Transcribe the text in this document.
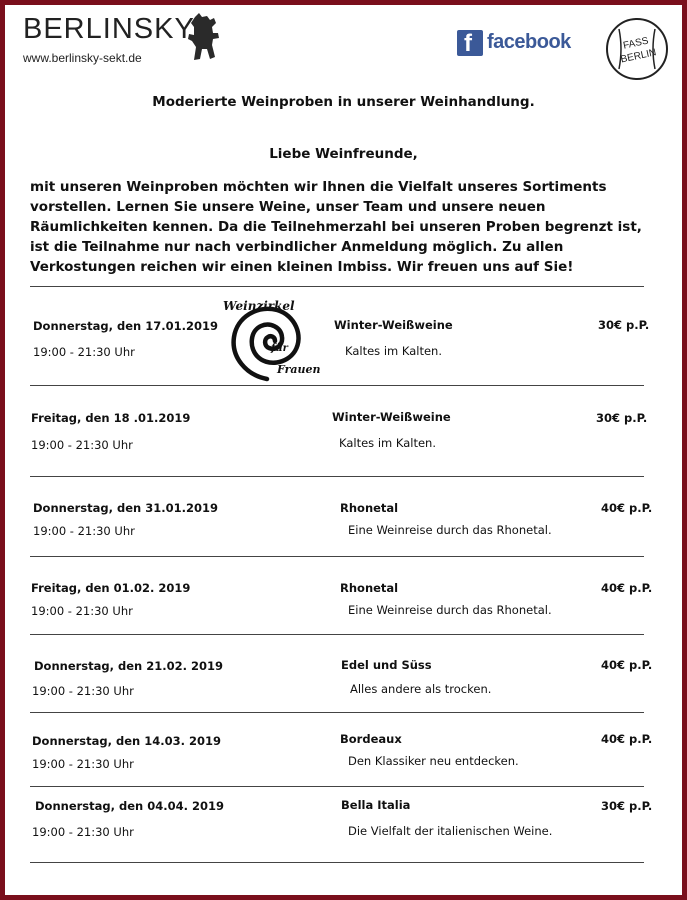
BERLINSKY
www.berlinsky-sekt.de
f facebook	FASS
BERLIN
Moderierte Weinproben in unserer Weinhandlung.
Liebe Weinfreunde,
mit unseren Weinproben möchten wir Ihnen die Vielfalt unseres Sortiments vorstellen. Lernen Sie unsere Weine, unser Team und unsere neuen Räumlichkeiten kennen. Da die Teilnehmerzahl bei unseren Proben begrenzt ist, ist die Teilnahme nur nach verbindlicher Anmeldung möglich. Zu allen Verkostungen reichen wir einen kleinen Imbiss. Wir freuen uns auf Sie!
Weinzirkel
für
Frauen
Donnerstag, den 17.01.2019
19:00 - 21:30 Uhr
Winter-Weißweine
Kaltes im Kalten.
30€ p.P.
Freitag, den 18 .01.2019
19:00 - 21:30 Uhr
Winter-Weißweine
Kaltes im Kalten.
30€ p.P.
Donnerstag, den 31.01.2019
19:00 - 21:30 Uhr
Rhonetal
Eine Weinreise durch das Rhonetal.
40€ p.P.
Freitag, den 01.02. 2019
19:00 - 21:30 Uhr
Rhonetal
Eine Weinreise durch das Rhonetal.
40€ p.P.
Donnerstag, den 21.02. 2019
19:00 - 21:30 Uhr
Edel und Süss
Alles andere als trocken.
40€ p.P.
Donnerstag, den 14.03. 2019
19:00 - 21:30 Uhr
Bordeaux
Den Klassiker neu entdecken.
40€ p.P.
Donnerstag, den 04.04. 2019
19:00 - 21:30 Uhr
Bella Italia
Die Vielfalt der italienischen Weine.
30€ p.P.
